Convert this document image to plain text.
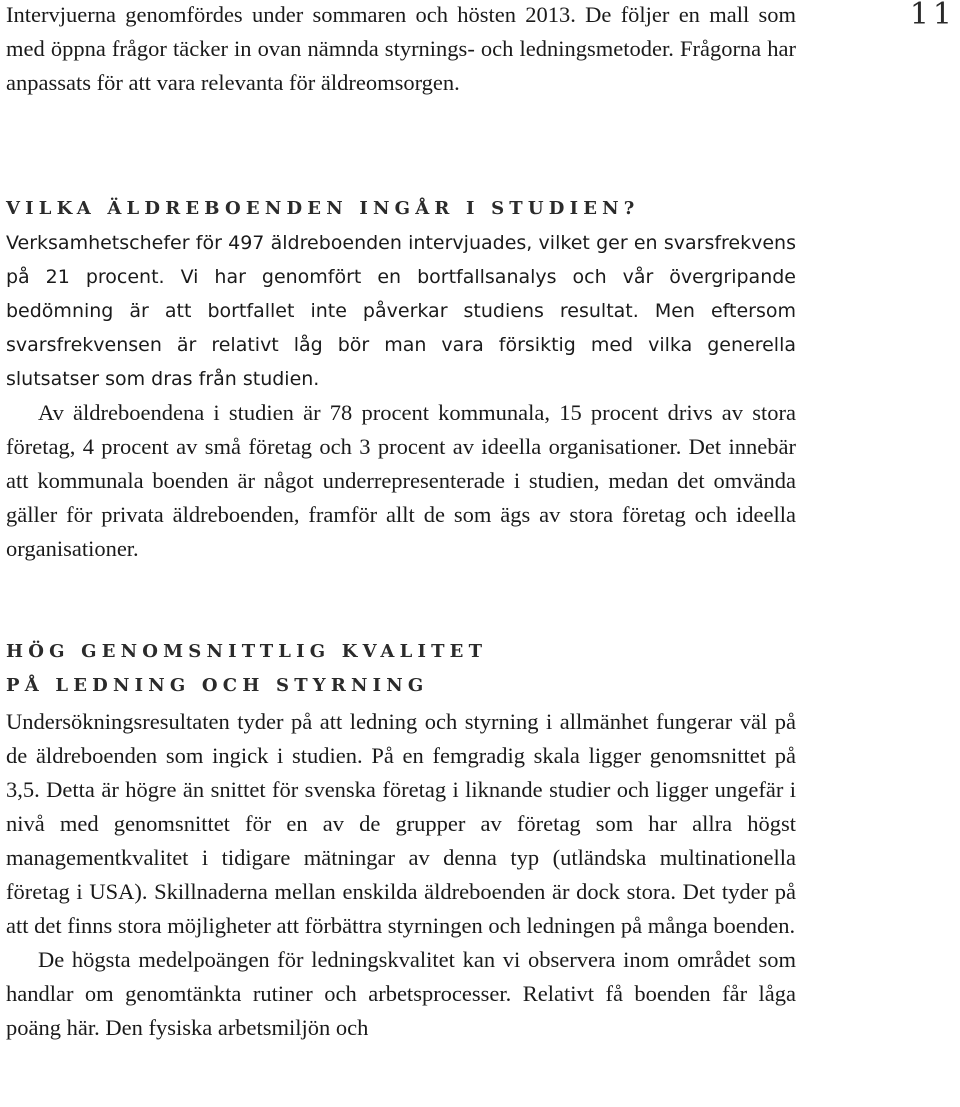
11

Intervjuerna genomfördes under sommaren och hösten 2013. De följer en mall som med öppna frågor täcker in ovan nämnda styrnings- och ledningsmetoder. Frågorna har anpassats för att vara relevanta för äldreomsorgen.

VILKA ÄLDREBOENDEN INGÅR I STUDIEN?

Verksamhetschefer för 497 äldreboenden intervjuades, vilket ger en svarsfrekvens på 21 procent. Vi har genomfört en bortfallsanalys och vår övergripande bedömning är att bortfallet inte påverkar studiens resultat. Men eftersom svarsfrekvensen är relativt låg bör man vara försiktig med vilka generella slutsatser som dras från studien.

Av äldreboendena i studien är 78 procent kommunala, 15 procent drivs av stora företag, 4 procent av små företag och 3 procent av ideella organisationer. Det innebär att kommunala boenden är något underrepresenterade i studien, medan det omvända gäller för privata äldreboenden, framför allt de som ägs av stora företag och ideella organisationer.

HÖG GENOMSNITTLIG KVALITET
PÅ LEDNING OCH STYRNING

Undersökningsresultaten tyder på att ledning och styrning i allmänhet fungerar väl på de äldreboenden som ingick i studien. På en femgradig skala ligger genomsnittet på 3,5. Detta är högre än snittet för svenska företag i liknande studier och ligger ungefär i nivå med genomsnittet för en av de grupper av företag som har allra högst managementkvalitet i tidigare mätningar av denna typ (utländska multinationella företag i USA). Skillnaderna mellan enskilda äldreboenden är dock stora. Det tyder på att det finns stora möjligheter att förbättra styrningen och ledningen på många boenden.

De högsta medelpoängen för ledningskvalitet kan vi observera inom området som handlar om genomtänkta rutiner och arbetsprocesser. Relativt få boenden får låga poäng här. Den fysiska arbetsmiljön och
